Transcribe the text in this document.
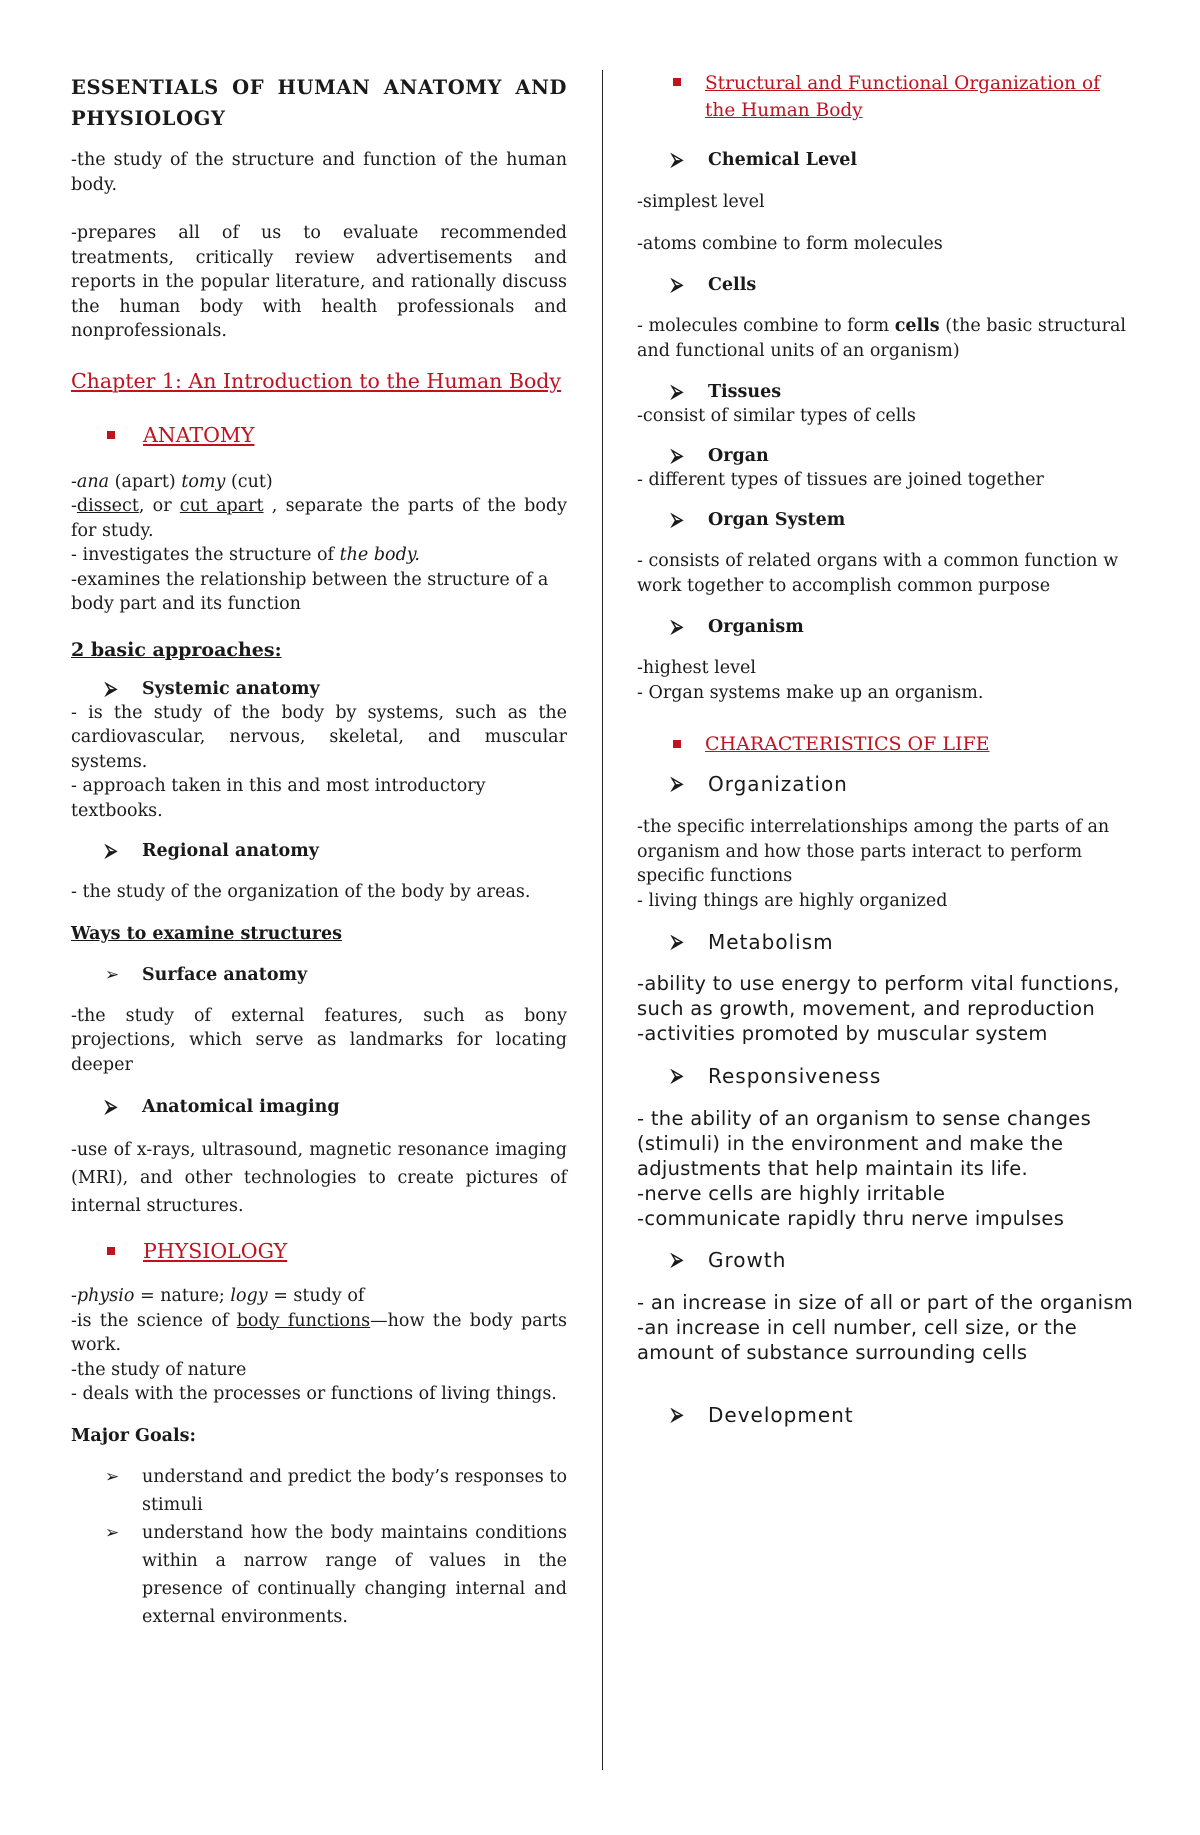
ESSENTIALS OF HUMAN ANATOMY AND PHYSIOLOGY

-the study of the structure and function of the human body.

-prepares all of us to evaluate recommended treatments, critically review advertisements and reports in the popular literature, and rationally discuss the human body with health professionals and nonprofessionals.

Chapter 1: An Introduction to the Human Body

ANATOMY

-ana (apart) tomy (cut)

-dissect, or cut apart , separate the parts of the body for study.

- investigates the structure of the body.

-examines the relationship between the structure of a body part and its function

2 basic approaches:

⮚	Systemic anatomy

- is the study of the body by systems, such as the cardiovascular, nervous, skeletal, and muscular systems.

- approach taken in this and most introductory textbooks.

⮚	Regional anatomy

- the study of the organization of the body by areas.

Ways to examine structures

➢	Surface anatomy

-the study of external features, such as bony projections, which serve as landmarks for locating deeper

⮚	Anatomical imaging

-use of x-rays, ultrasound, magnetic resonance imaging (MRI), and other technologies to create pictures of internal structures.

PHYSIOLOGY

-physio = nature; logy = study of

-is the science of body functions—how the body parts work.

-the study of nature

- deals with the processes or functions of living things.

Major Goals:

➢	understand and predict the body’s responses to stimuli
➢	understand how the body maintains conditions within a narrow range of values in the presence of continually changing internal and external environments.
Structural and Functional Organization of the Human Body
⮚	Chemical Level

-simplest level

-atoms combine to form molecules

⮚	Cells

- molecules combine to form cells (the basic structural and functional units of an organism)

⮚	Tissues

-consist of similar types of cells

⮚	Organ

- different types of tissues are joined together

⮚	Organ System

- consists of related organs with a common function w work together to accomplish common purpose

⮚	Organism

-highest level

- Organ systems make up an organism.

CHARACTERISTICS OF LIFE
⮚	Organization

-the specific interrelationships among the parts of an organism and how those parts interact to perform specific functions

- living things are highly organized

⮚	Metabolism

-ability to use energy to perform vital functions, such as growth, movement, and reproduction

-activities promoted by muscular system

⮚	Responsiveness

- the ability of an organism to sense changes (stimuli) in the environment and make the adjustments that help maintain its life.

-nerve cells are highly irritable

-communicate rapidly thru nerve impulses

⮚	Growth

- an increase in size of all or part of the organism

-an increase in cell number, cell size, or the amount of substance surrounding cells

⮚	Development
